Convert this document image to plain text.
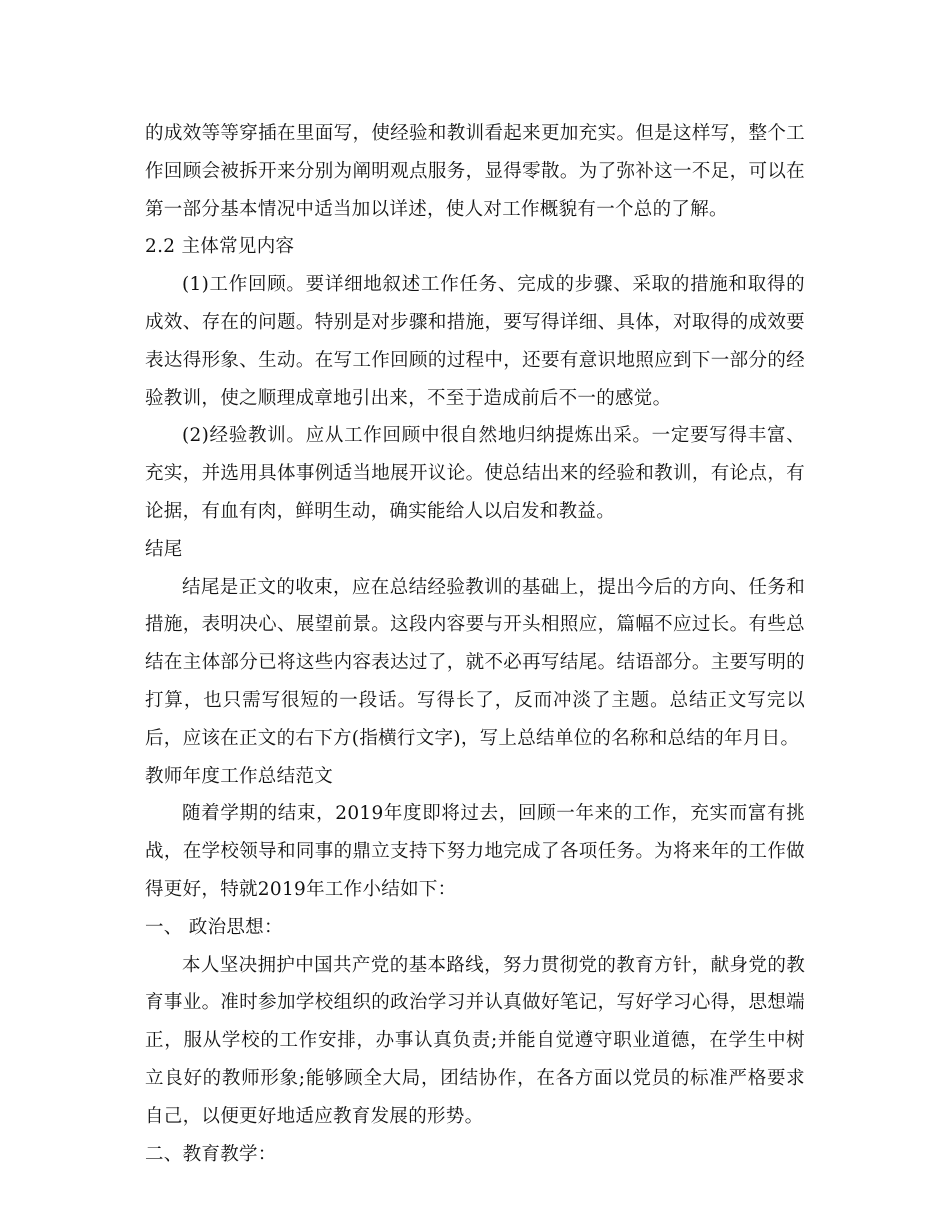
的成效等等穿插在里面写，使经验和教训看起来更加充实。但是这样写，整个工作回顾会被拆开来分别为阐明观点服务，显得零散。为了弥补这一不足，可以在第一部分基本情况中适当加以详述，使人对工作概貌有一个总的了解。

2.2 主体常见内容

(1)工作回顾。要详细地叙述工作任务、完成的步骤、采取的措施和取得的成效、存在的问题。特别是对步骤和措施，要写得详细、具体，对取得的成效要表达得形象、生动。在写工作回顾的过程中，还要有意识地照应到下一部分的经验教训，使之顺理成章地引出来，不至于造成前后不一的感觉。

(2)经验教训。应从工作回顾中很自然地归纳提炼出采。一定要写得丰富、充实，并选用具体事例适当地展开议论。使总结出来的经验和教训，有论点，有论据，有血有肉，鲜明生动，确实能给人以启发和教益。

结尾

结尾是正文的收束，应在总结经验教训的基础上，提出今后的方向、任务和措施，表明决心、展望前景。这段内容要与开头相照应，篇幅不应过长。有些总结在主体部分已将这些内容表达过了，就不必再写结尾。结语部分。主要写明的打算，也只需写很短的一段话。写得长了，反而冲淡了主题。总结正文写完以后，应该在正文的右下方(指横行文字)，写上总结单位的名称和总结的年月日。

教师年度工作总结范文

随着学期的结束，2019年度即将过去，回顾一年来的工作，充实而富有挑战，在学校领导和同事的鼎立支持下努力地完成了各项任务。为将来年的工作做得更好，特就2019年工作小结如下：

一、 政治思想：

本人坚决拥护中国共产党的基本路线，努力贯彻党的教育方针，献身党的教育事业。准时参加学校组织的政治学习并认真做好笔记，写好学习心得，思想端正，服从学校的工作安排，办事认真负责;并能自觉遵守职业道德，在学生中树立良好的教师形象;能够顾全大局，团结协作，在各方面以党员的标准严格要求自己，以便更好地适应教育发展的形势。

二、教育教学：
